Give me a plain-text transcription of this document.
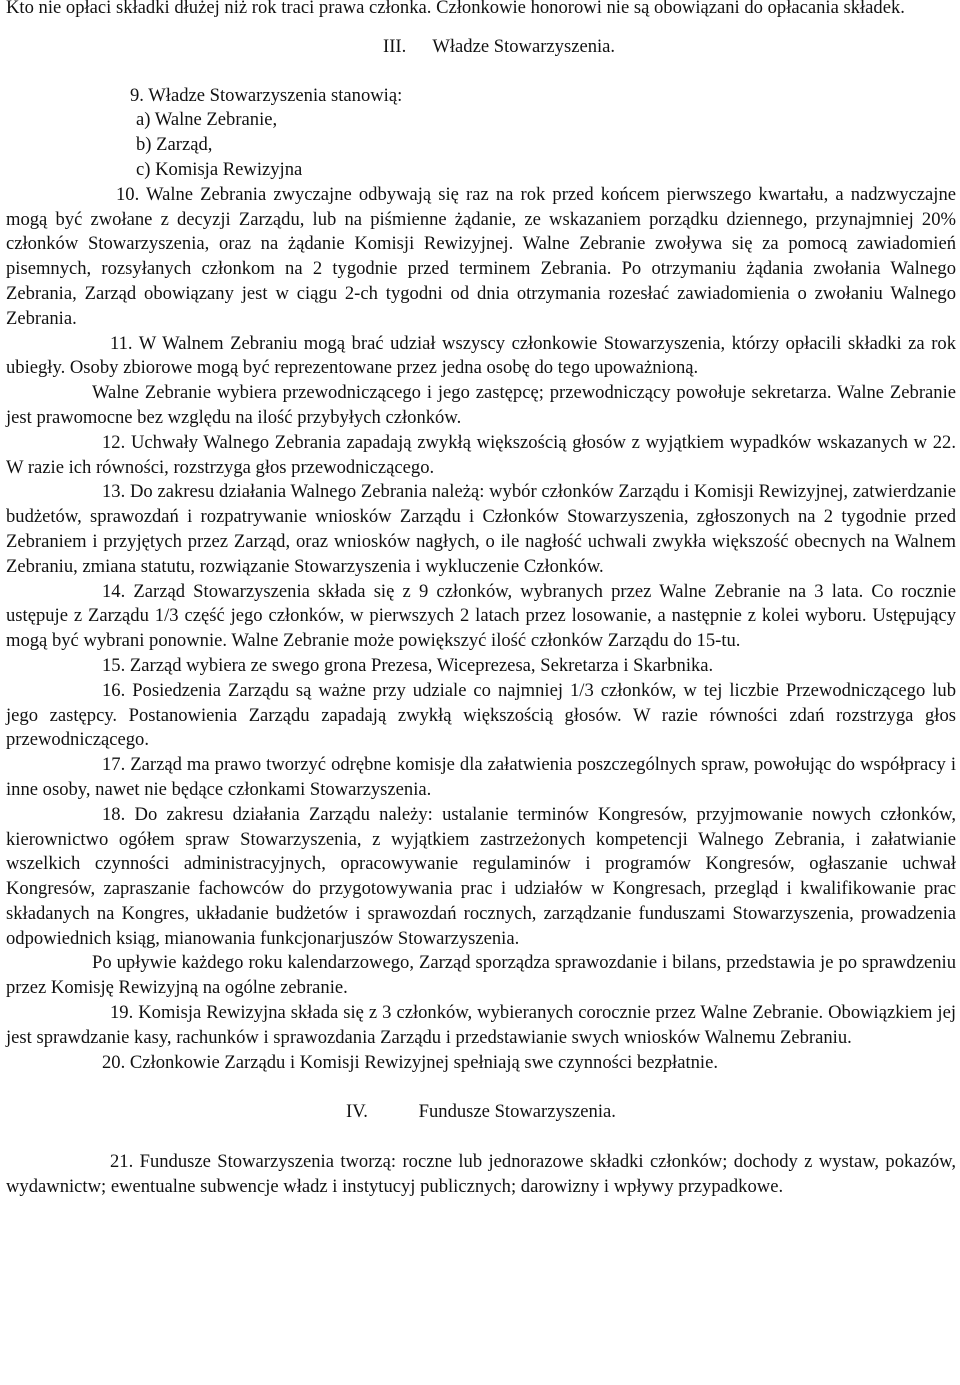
Kto nie opłaci składki dłużej niż rok traci prawa członka. Członkowie honorowi nie są obowiązani do opłacania składek.

III. Władze Stowarzyszenia.

9. Władze Stowarzyszenia stanowią:

a) Walne Zebranie,
b) Zarząd,
c) Komisja Rewizyjna

10. Walne Zebrania zwyczajne odbywają się raz na rok przed końcem pierwszego kwartału, a nadzwyczajne mogą być zwołane z decyzji Zarządu, lub na piśmienne żądanie, ze wskazaniem porządku dziennego, przynajmniej 20% członków Stowarzyszenia, oraz na żądanie Komisji Rewizyjnej. Walne Zebranie zwoływa się za pomocą zawiadomień pisemnych, rozsyłanych członkom na 2 tygodnie przed terminem Zebrania. Po otrzymaniu żądania zwołania Walnego Zebrania, Zarząd obowiązany jest w ciągu 2-ch tygodni od dnia otrzymania rozesłać zawiadomienia o zwołaniu Walnego Zebrania.

11. W Walnem Zebraniu mogą brać udział wszyscy członkowie Stowarzyszenia, którzy opłacili składki za rok ubiegły. Osoby zbiorowe mogą być reprezentowane przez jedna osobę do tego upoważnioną.

Walne Zebranie wybiera przewodniczącego i jego zastępcę; przewodniczący powołuje sekretarza. Walne Zebranie jest prawomocne bez względu na ilość przybyłych członków.

12. Uchwały Walnego Zebrania zapadają zwykłą większością głosów z wyjątkiem wypadków wskazanych w 22. W razie ich równości, rozstrzyga głos przewodniczącego.

13. Do zakresu działania Walnego Zebrania należą: wybór członków Zarządu i Komisji Rewizyjnej, zatwierdzanie budżetów, sprawozdań i rozpatrywanie wniosków Zarządu i Członków Stowarzyszenia, zgłoszonych na 2 tygodnie przed Zebraniem i przyjętych przez Zarząd, oraz wniosków nagłych, o ile nagłość uchwali zwykła większość obecnych na Walnem Zebraniu, zmiana statutu, rozwiązanie Stowarzyszenia i wykluczenie Członków.

14. Zarząd Stowarzyszenia składa się z 9 członków, wybranych przez Walne Zebranie na 3 lata. Co rocznie ustępuje z Zarządu 1/3 część jego członków, w pierwszych 2 latach przez losowanie, a następnie z kolei wyboru. Ustępujący mogą być wybrani ponownie. Walne Zebranie może powiększyć ilość członków Zarządu do 15-tu.

15. Zarząd wybiera ze swego grona Prezesa, Wiceprezesa, Sekretarza i Skarbnika.

16. Posiedzenia Zarządu są ważne przy udziale co najmniej 1/3 członków, w tej liczbie Przewodniczącego lub jego zastępcy. Postanowienia Zarządu zapadają zwykłą większością głosów. W razie równości zdań rozstrzyga głos przewodniczącego.

17. Zarząd ma prawo tworzyć odrębne komisje dla załatwienia poszczególnych spraw, powołując do współpracy i inne osoby, nawet nie będące członkami Stowarzyszenia.

18. Do zakresu działania Zarządu należy: ustalanie terminów Kongresów, przyjmowanie nowych członków, kierownictwo ogółem spraw Stowarzyszenia, z wyjątkiem zastrzeżonych kompetencji Walnego Zebrania, i załatwianie wszelkich czynności administracyjnych, opracowywanie regulaminów i programów Kongresów, ogłaszanie uchwał Kongresów, zapraszanie fachowców do przygotowywania prac i udziałów w Kongresach, przegląd i kwalifikowanie prac składanych na Kongres, układanie budżetów i sprawozdań rocznych, zarządzanie funduszami Stowarzyszenia, prowadzenia odpowiednich ksiąg, mianowania funkcjonarjuszów Stowarzyszenia.

Po upływie każdego roku kalendarzowego, Zarząd sporządza sprawozdanie i bilans, przedstawia je po sprawdzeniu przez Komisję Rewizyjną na ogólne zebranie.

19. Komisja Rewizyjna składa się z 3 członków, wybieranych corocznie przez Walne Zebranie. Obowiązkiem jej jest sprawdzanie kasy, rachunków i sprawozdania Zarządu i przedstawianie swych wniosków Walnemu Zebraniu.

20. Członkowie Zarządu i Komisji Rewizyjnej spełniają swe czynności bezpłatnie.

IV.	Fundusze Stowarzyszenia.

21. Fundusze Stowarzyszenia tworzą: roczne lub jednorazowe składki członków; dochody z wystaw, pokazów, wydawnictw; ewentualne subwencje władz i instytucyj publicznych; darowizny i wpływy przypadkowe.
